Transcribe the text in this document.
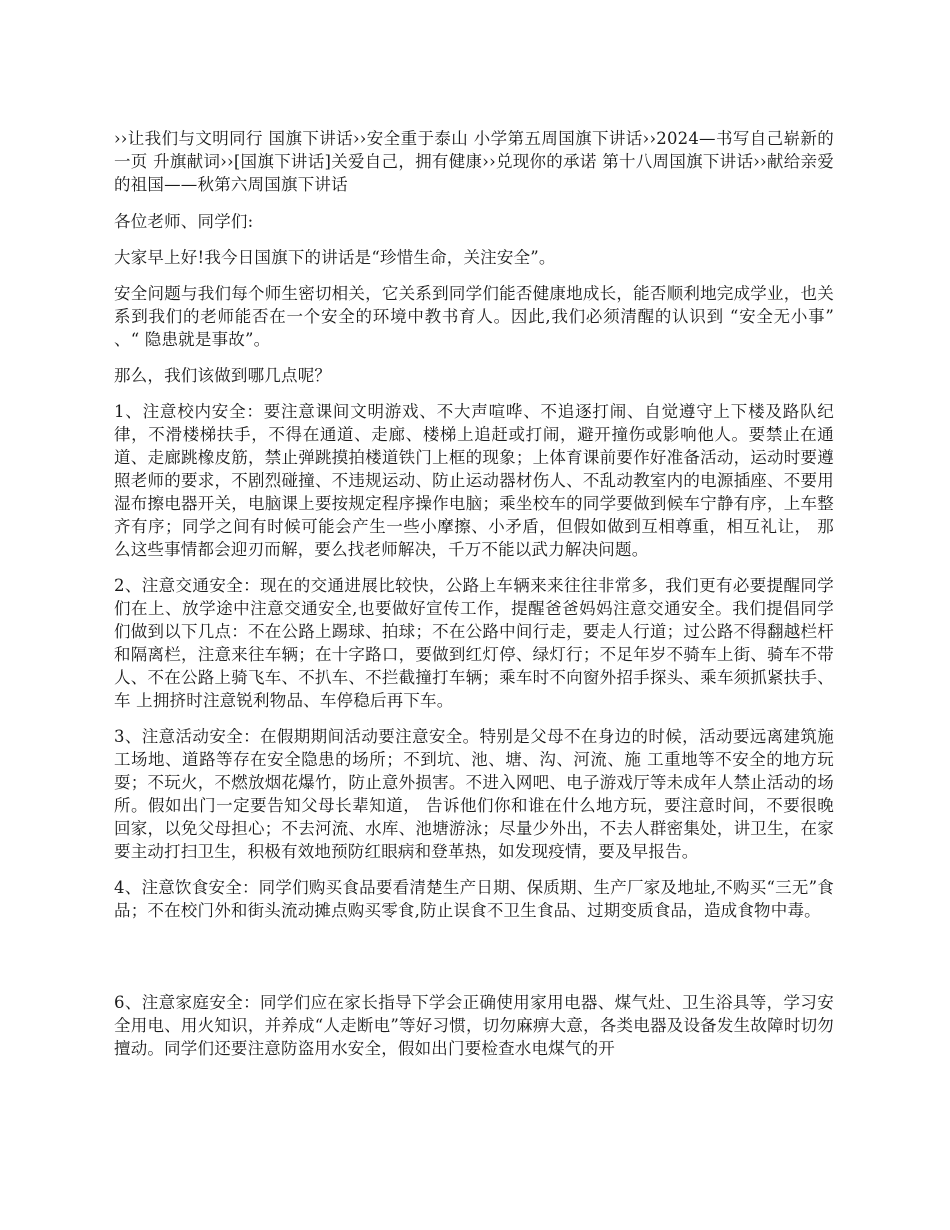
››让我们与文明同行 国旗下讲话››安全重于泰山 小学第五周国旗下讲话››2024—书写自己崭新的一页 升旗献词››[国旗下讲话]关爱自己，拥有健康››兑现你的承诺 第十八周国旗下讲话››献给亲爱的祖国——秋第六周国旗下讲话

各位老师、同学们:

大家早上好!我今日国旗下的讲话是“珍惜生命，关注安全”。

安全问题与我们每个师生密切相关，它关系到同学们能否健康地成长，能否顺利地完成学业，也关系到我们的老师能否在一个安全的环境中教书育人。因此,我们必须清醒的认识到 “安全无小事” 、“ 隐患就是事故”。

那么，我们该做到哪几点呢？

1、注意校内安全：要注意课间文明游戏、不大声喧哗、不追逐打闹、自觉遵守上下楼及路队纪律，不滑楼梯扶手，不得在通道、走廊、楼梯上追赶或打闹，避开撞伤或影响他人。要禁止在通道、走廊跳橡皮筋，禁止弹跳摸拍楼道铁门上框的现象；上体育课前要作好准备活动，运动时要遵照老师的要求，不剧烈碰撞、不违规运动、防止运动器材伤人、不乱动教室内的电源插座、不要用湿布擦电器开关，电脑课上要按规定程序操作电脑；乘坐校车的同学要做到候车宁静有序，上车整齐有序；同学之间有时候可能会产生一些小摩擦、小矛盾，但假如做到互相尊重，相互礼让， 那么这些事情都会迎刃而解，要么找老师解决，千万不能以武力解决问题。

2、注意交通安全：现在的交通进展比较快，公路上车辆来来往往非常多，我们更有必要提醒同学们在上、放学途中注意交通安全,也要做好宣传工作，提醒爸爸妈妈注意交通安全。我们提倡同学们做到以下几点：不在公路上踢球、拍球；不在公路中间行走，要走人行道；过公路不得翻越栏杆和隔离栏，注意来往车辆；在十字路口，要做到红灯停、绿灯行；不足年岁不骑车上街、骑车不带人、不在公路上骑飞车、不扒车、不拦截撞打车辆；乘车时不向窗外招手探头、乘车须抓紧扶手、车 上拥挤时注意锐利物品、车停稳后再下车。

3、注意活动安全：在假期期间活动要注意安全。特别是父母不在身边的时候，活动要远离建筑施工场地、道路等存在安全隐患的场所；不到坑、池、塘、沟、河流、施 工重地等不安全的地方玩耍；不玩火，不燃放烟花爆竹，防止意外损害。不进入网吧、电子游戏厅等未成年人禁止活动的场所。假如出门一定要告知父母长辈知道， 告诉他们你和谁在什么地方玩，要注意时间，不要很晚回家，以免父母担心；不去河流、水库、池塘游泳；尽量少外出，不去人群密集处，讲卫生，在家要主动打扫卫生，积极有效地预防红眼病和登革热，如发现疫情，要及早报告。

4、注意饮食安全：同学们购买食品要看清楚生产日期、保质期、生产厂家及地址,不购买“三无”食品；不在校门外和街头流动摊点购买零食,防止误食不卫生食品、过期变质食品，造成食物中毒。

6、注意家庭安全：同学们应在家长指导下学会正确使用家用电器、煤气灶、卫生浴具等，学习安全用电、用火知识，并养成“人走断电”等好习惯，切勿麻痹大意，各类电器及设备发生故障时切勿擅动。同学们还要注意防盗用水安全，假如出门要检查水电煤气的开
